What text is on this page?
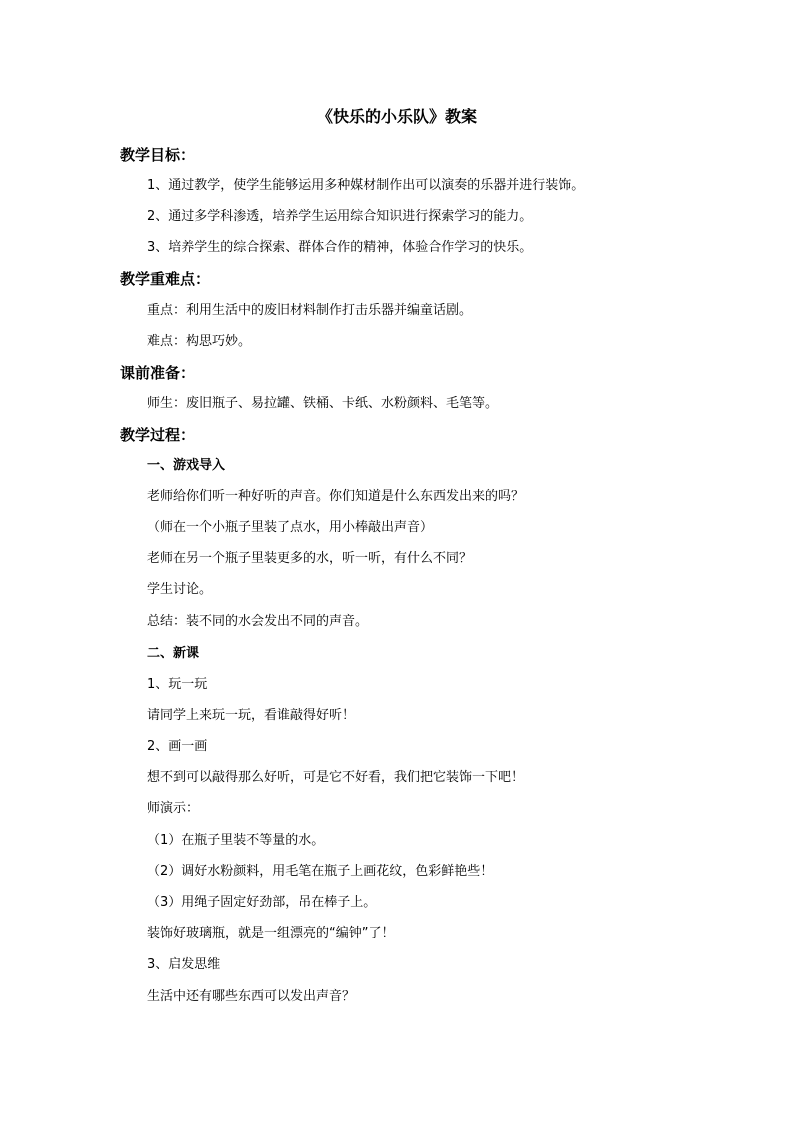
《快乐的小乐队》教案
教学目标：
1、通过教学，使学生能够运用多种媒材制作出可以演奏的乐器并进行装饰。
2、通过多学科渗透，培养学生运用综合知识进行探索学习的能力。
3、培养学生的综合探索、群体合作的精神，体验合作学习的快乐。
教学重难点：
重点：利用生活中的废旧材料制作打击乐器并编童话剧。
难点：构思巧妙。
课前准备：
师生：废旧瓶子、易拉罐、铁桶、卡纸、水粉颜料、毛笔等。
教学过程：
一、游戏导入
老师给你们听一种好听的声音。你们知道是什么东西发出来的吗？
（师在一个小瓶子里装了点水，用小棒敲出声音）
老师在另一个瓶子里装更多的水，听一听，有什么不同？
学生讨论。
总结：装不同的水会发出不同的声音。
二、新课
1、玩一玩
请同学上来玩一玩，看谁敲得好听！
2、画一画
想不到可以敲得那么好听，可是它不好看，我们把它装饰一下吧！
师演示：
（1）在瓶子里装不等量的水。
（2）调好水粉颜料，用毛笔在瓶子上画花纹，色彩鲜艳些！
（3）用绳子固定好劲部，吊在棒子上。
装饰好玻璃瓶，就是一组漂亮的“编钟”了！
3、启发思维
生活中还有哪些东西可以发出声音？
